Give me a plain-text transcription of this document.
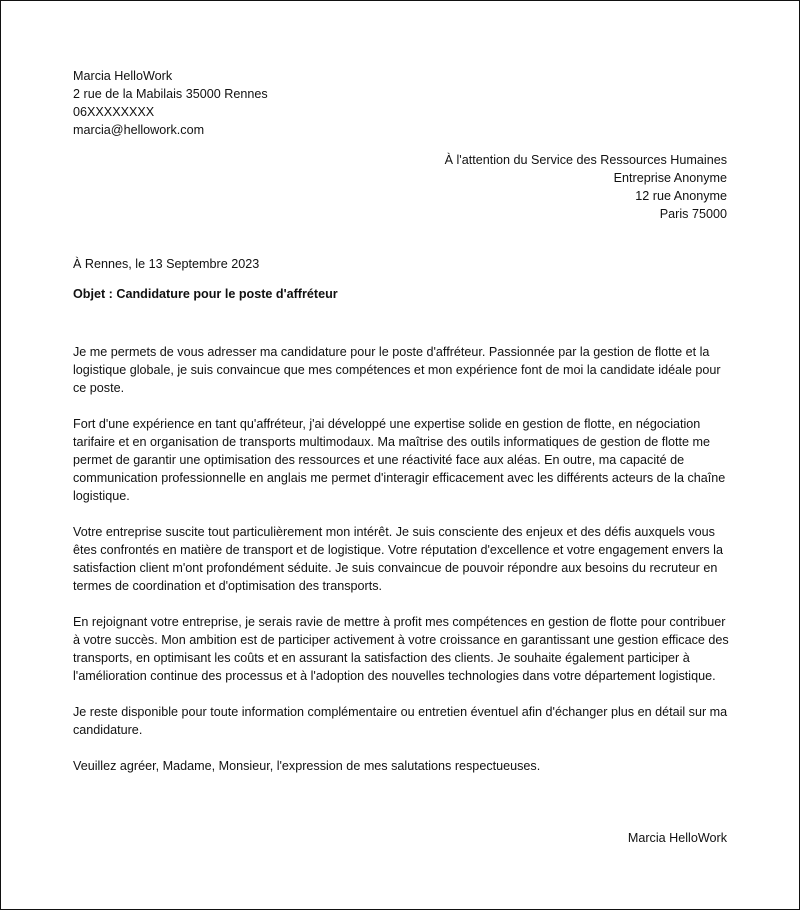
Marcia HelloWork
2 rue de la Mabilais 35000 Rennes
06XXXXXXXX
marcia@hellowork.com
À l'attention du Service des Ressources Humaines
Entreprise Anonyme
12 rue Anonyme
Paris 75000
À Rennes, le 13 Septembre 2023
Objet : Candidature pour le poste d'affréteur

Je me permets de vous adresser ma candidature pour le poste d'affréteur. Passionnée par la gestion de flotte et la logistique globale, je suis convaincue que mes compétences et mon expérience font de moi la candidate idéale pour ce poste.

Fort d'une expérience en tant qu'affréteur, j'ai développé une expertise solide en gestion de flotte, en négociation tarifaire et en organisation de transports multimodaux. Ma maîtrise des outils informatiques de gestion de flotte me permet de garantir une optimisation des ressources et une réactivité face aux aléas. En outre, ma capacité de communication professionnelle en anglais me permet d'interagir efficacement avec les différents acteurs de la chaîne logistique.

Votre entreprise suscite tout particulièrement mon intérêt. Je suis consciente des enjeux et des défis auxquels vous êtes confrontés en matière de transport et de logistique. Votre réputation d'excellence et votre engagement envers la satisfaction client m'ont profondément séduite. Je suis convaincue de pouvoir répondre aux besoins du recruteur en termes de coordination et d'optimisation des transports.

En rejoignant votre entreprise, je serais ravie de mettre à profit mes compétences en gestion de flotte pour contribuer à votre succès. Mon ambition est de participer activement à votre croissance en garantissant une gestion efficace des transports, en optimisant les coûts et en assurant la satisfaction des clients. Je souhaite également participer à l'amélioration continue des processus et à l'adoption des nouvelles technologies dans votre département logistique.

Je reste disponible pour toute information complémentaire ou entretien éventuel afin d'échanger plus en détail sur ma candidature.

Veuillez agréer, Madame, Monsieur, l'expression de mes salutations respectueuses.

Marcia HelloWork
